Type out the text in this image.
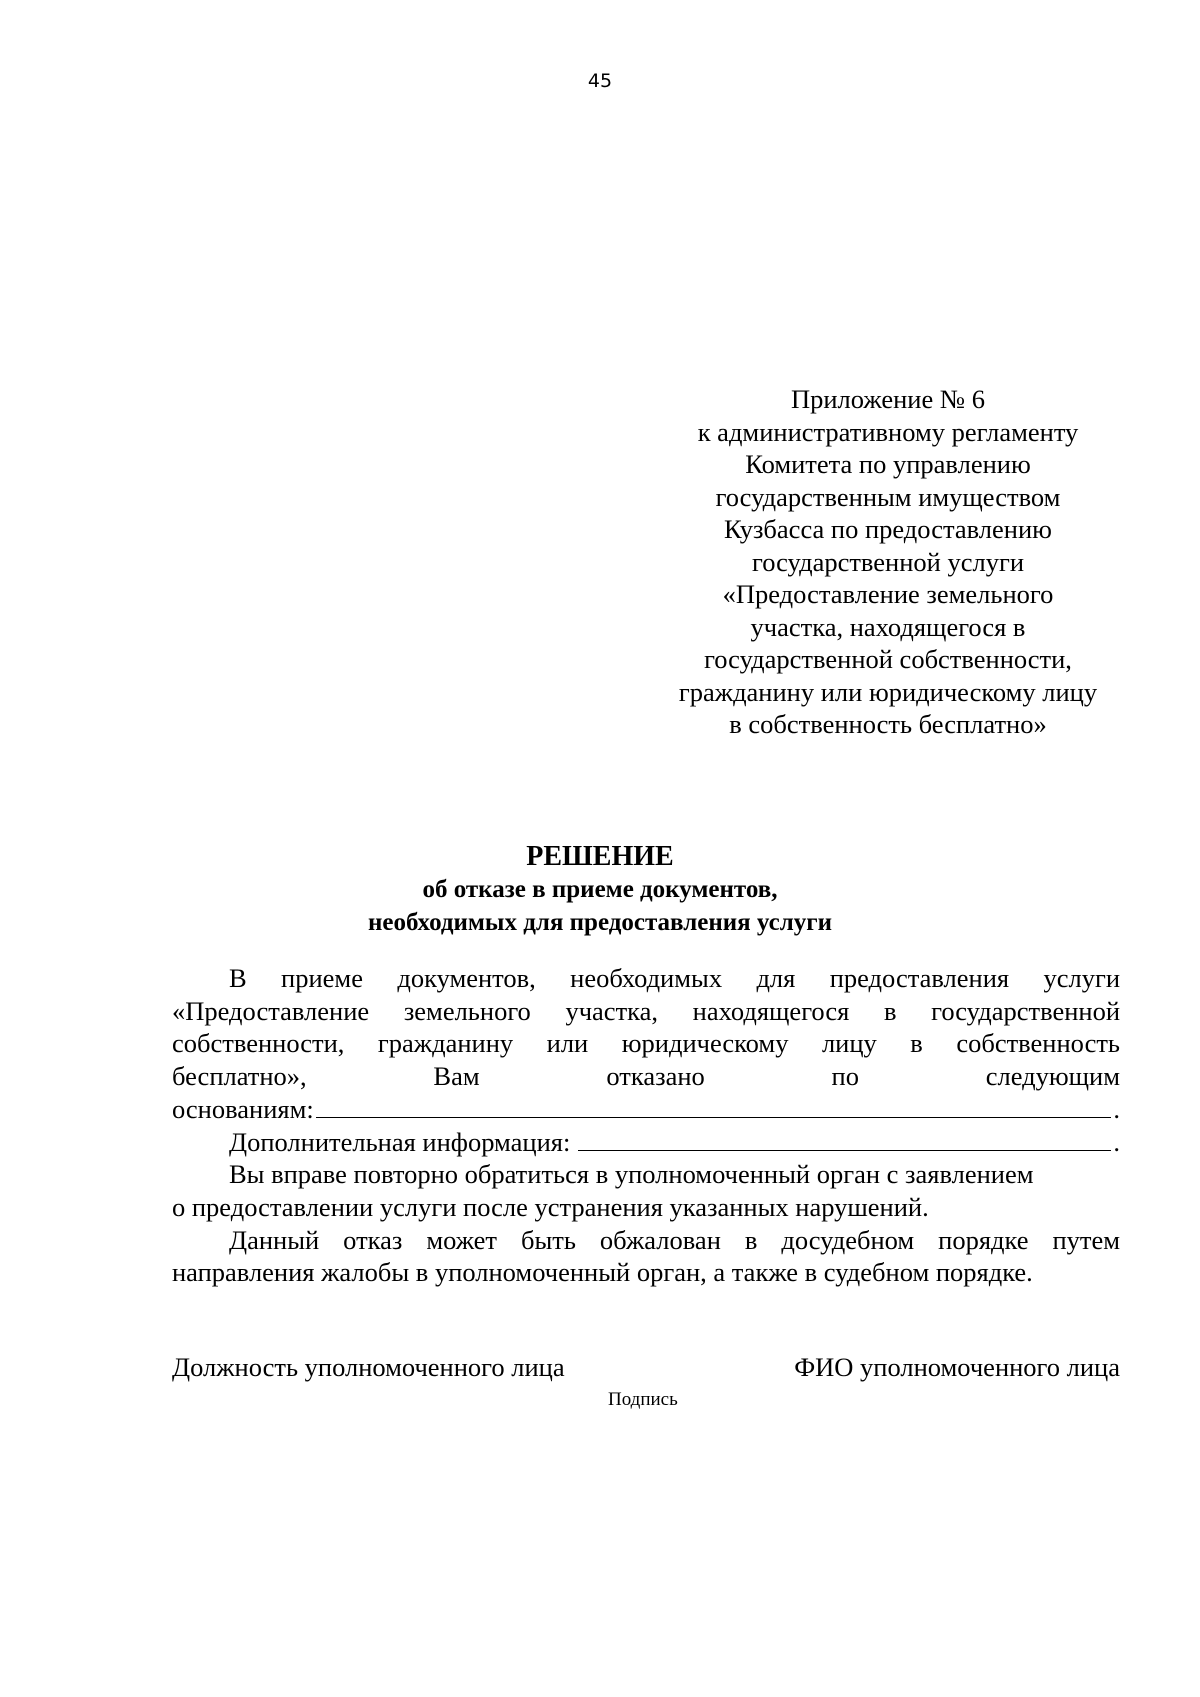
45
Приложение № 6
к административному регламенту
Комитета по управлению
государственным имуществом
Кузбасса по предоставлению
государственной услуги
«Предоставление земельного
участка, находящегося в
государственной собственности,
гражданину или юридическому лицу
в собственность бесплатно»
РЕШЕНИЕ
об отказе в приеме документов,
необходимых для предоставления услуги
В приеме документов, необходимых для предоставления услуги
«Предоставление земельного участка, находящегося в государственной
собственности, гражданину или юридическому лицу в собственность
бесплатно», Вам отказано по следующим
основаниям:	.
Дополнительная информация:	.
Вы вправе повторно обратиться в уполномоченный орган с заявлением
о предоставлении услуги после устранения указанных нарушений.
Данный отказ может быть обжалован в досудебном порядке путем
направления жалобы в уполномоченный орган, а также в судебном порядке.
Должность уполномоченного лица	ФИО уполномоченного лица
Подпись
